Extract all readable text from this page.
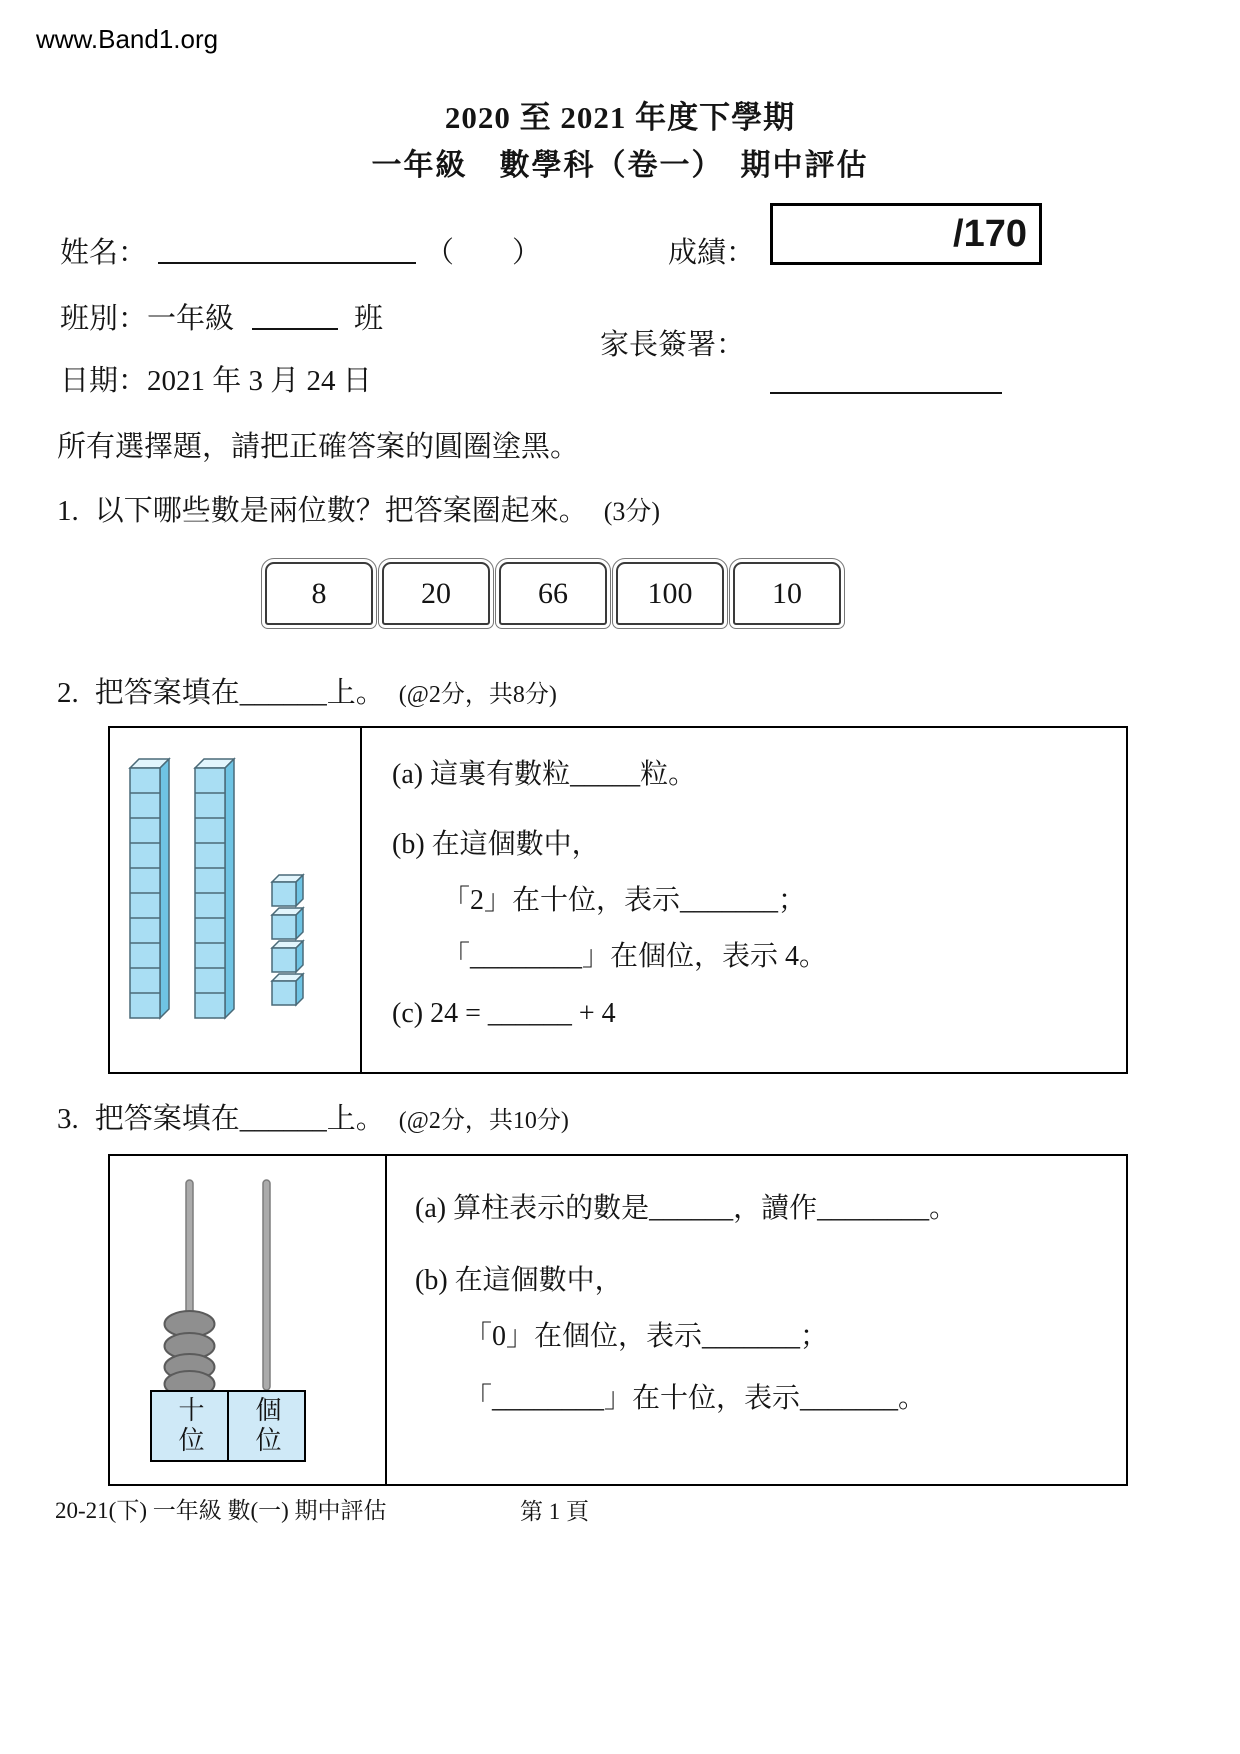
www.Band1.org
2020 至 2021 年度下學期
一年級　數學科（卷一）　期中評估
姓名：	（　　）	成績：	/170
班別：一年級	班
家長簽署：
日期：2021 年 3 月 24 日
所有選擇題，請把正確答案的圓圈塗黑。
1. 以下哪些數是兩位數？把答案圈起來。 (3分)
8	20	66	100	10
2. 把答案填在______上。 (@2分，共8分)
(a) 這裏有數粒_____粒。
(b) 在這個數中，
「2」在十位，表示_______；
「________」在個位，表示 4。
(c) 24 = ______ + 4
3. 把答案填在______上。 (@2分，共10分)
十位	個位
(a) 算柱表示的數是______，讀作________。
(b) 在這個數中，
「0」在個位，表示_______；
「________」在十位，表示_______。
20-21(下) 一年級 數(一) 期中評估	第 1 頁
